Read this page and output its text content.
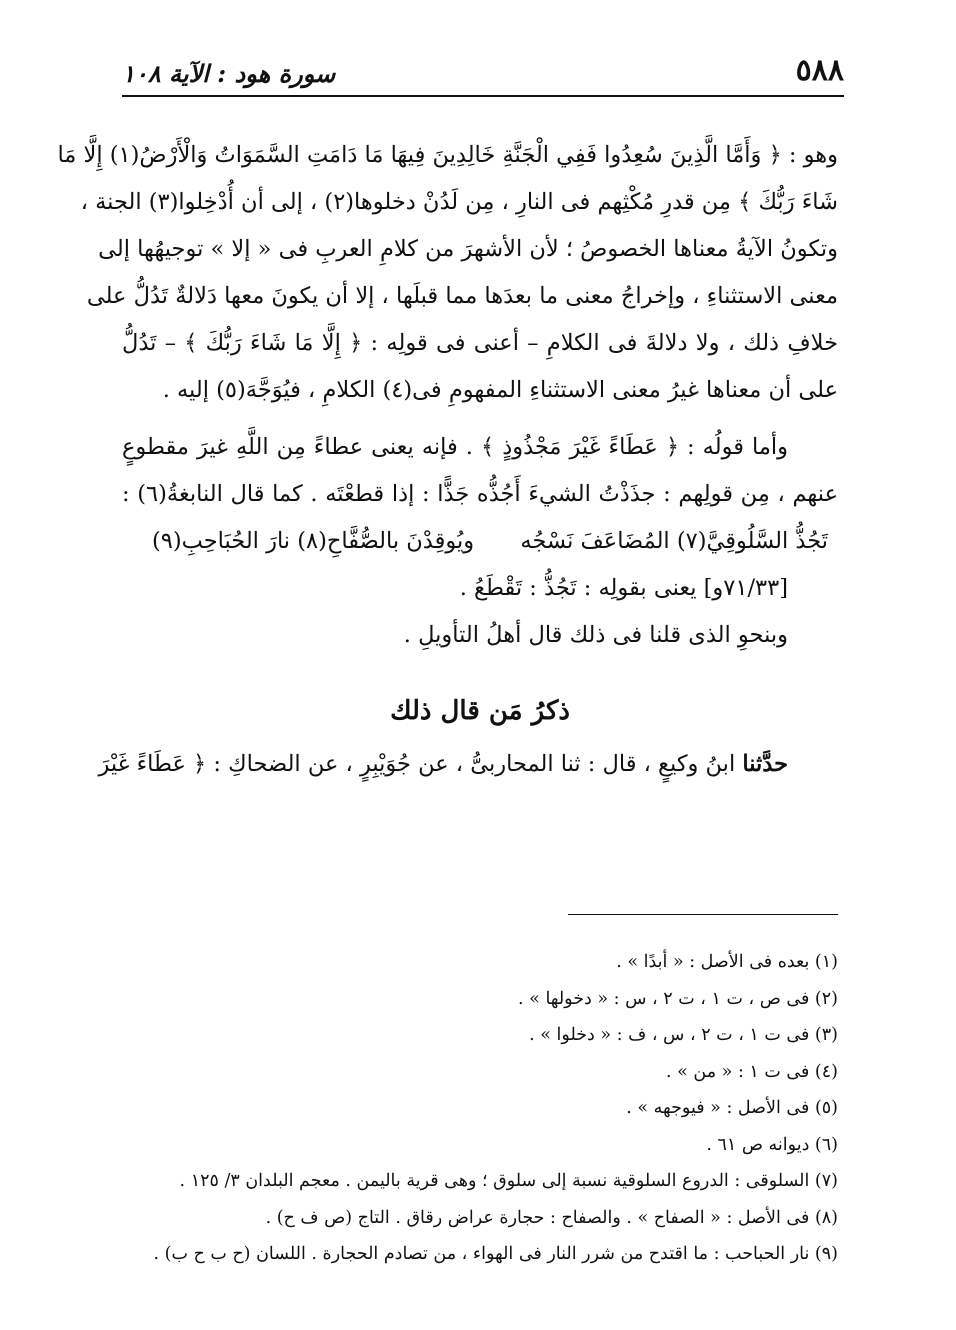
٥٨٨
سورة هود : الآية ١٠٨
وهو : ﴿ وَأَمَّا الَّذِينَ سُعِدُوا فَفِي الْجَنَّةِ خَالِدِينَ فِيهَا مَا دَامَتِ السَّمَوَاتُ وَالْأَرْضُ(١) إِلَّا مَا
شَاءَ رَبُّكَ ﴾ مِن قدرِ مُكْثِهم فى النارِ ، مِن لَدُنْ دخلوها(٢) ، إلى أن أُدْخِلوا(٣) الجنة ،
وتكونُ الآيةُ معناها الخصوصُ ؛ لأن الأشهرَ من كلامِ العربِ فى « إلا » توجيهُها إلى
معنى الاستثناءِ ، وإخراجُ معنى ما بعدَها مما قبلَها ، إلا أن يكونَ معها دَلالةٌ تَدُلُّ على
خلافِ ذلك ، ولا دلالةَ فى الكلامِ – أعنى فى قولِه : ﴿ إِلَّا مَا شَاءَ رَبُّكَ ﴾ – تَدُلُّ
على أن معناها غيرُ معنى الاستثناءِ المفهومِ فى(٤) الكلامِ ، فيُوَجَّهَ(٥) إليه .
وأما قولُه : ﴿ عَطَاءً غَيْرَ مَجْذُوذٍ ﴾ . فإنه يعنى عطاءً مِن اللَّهِ غيرَ مقطوعٍ
عنهم ، مِن قولِهم : جذَذْتُ الشيءَ أَجُذُّه جَذًّا : إذا قطعْتَه . كما قال النابغةُ(٦) :
تَجُذُّ السَّلُوقِيَّ(٧) المُضَاعَفَ نَسْجُه
ويُوقِدْنَ بالصُّفَّاحِ(٨) نارَ الحُبَاحِبِ(٩)
[٧١/٣٣و] يعنى بقولِه : تَجُذُّ : تَقْطَعُ .
وبنحوِ الذى قلنا فى ذلك قال أهلُ التأويلِ .
ذكرُ مَن قال ذلك
حدَّثنا ابنُ وكيعٍ ، قال : ثنا المحاربىُّ ، عن جُوَيْبِرٍ ، عن الضحاكِ : ﴿ عَطَاءً غَيْرَ
(١) بعده فى الأصل : « أبدًا » .
(٢) فى ص ، ت ١ ، ت ٢ ، س : « دخولها » .
(٣) فى ت ١ ، ت ٢ ، س ، ف : « دخلوا » .
(٤) فى ت ١ : « من » .
(٥) فى الأصل : « فيوجهه » .
(٦) ديوانه ص ٦١ .
(٧) السلوقى : الدروع السلوقية نسبة إلى سلوق ؛ وهى قرية باليمن . معجم البلدان ٣/ ١٢٥ .
(٨) فى الأصل : « الصفاح » . والصفاح : حجارة عراض رقاق . التاج (ص ف ح) .
(٩) نار الحباحب : ما اقتدح من شرر النار فى الهواء ، من تصادم الحجارة . اللسان (ح ب ح ب) .
